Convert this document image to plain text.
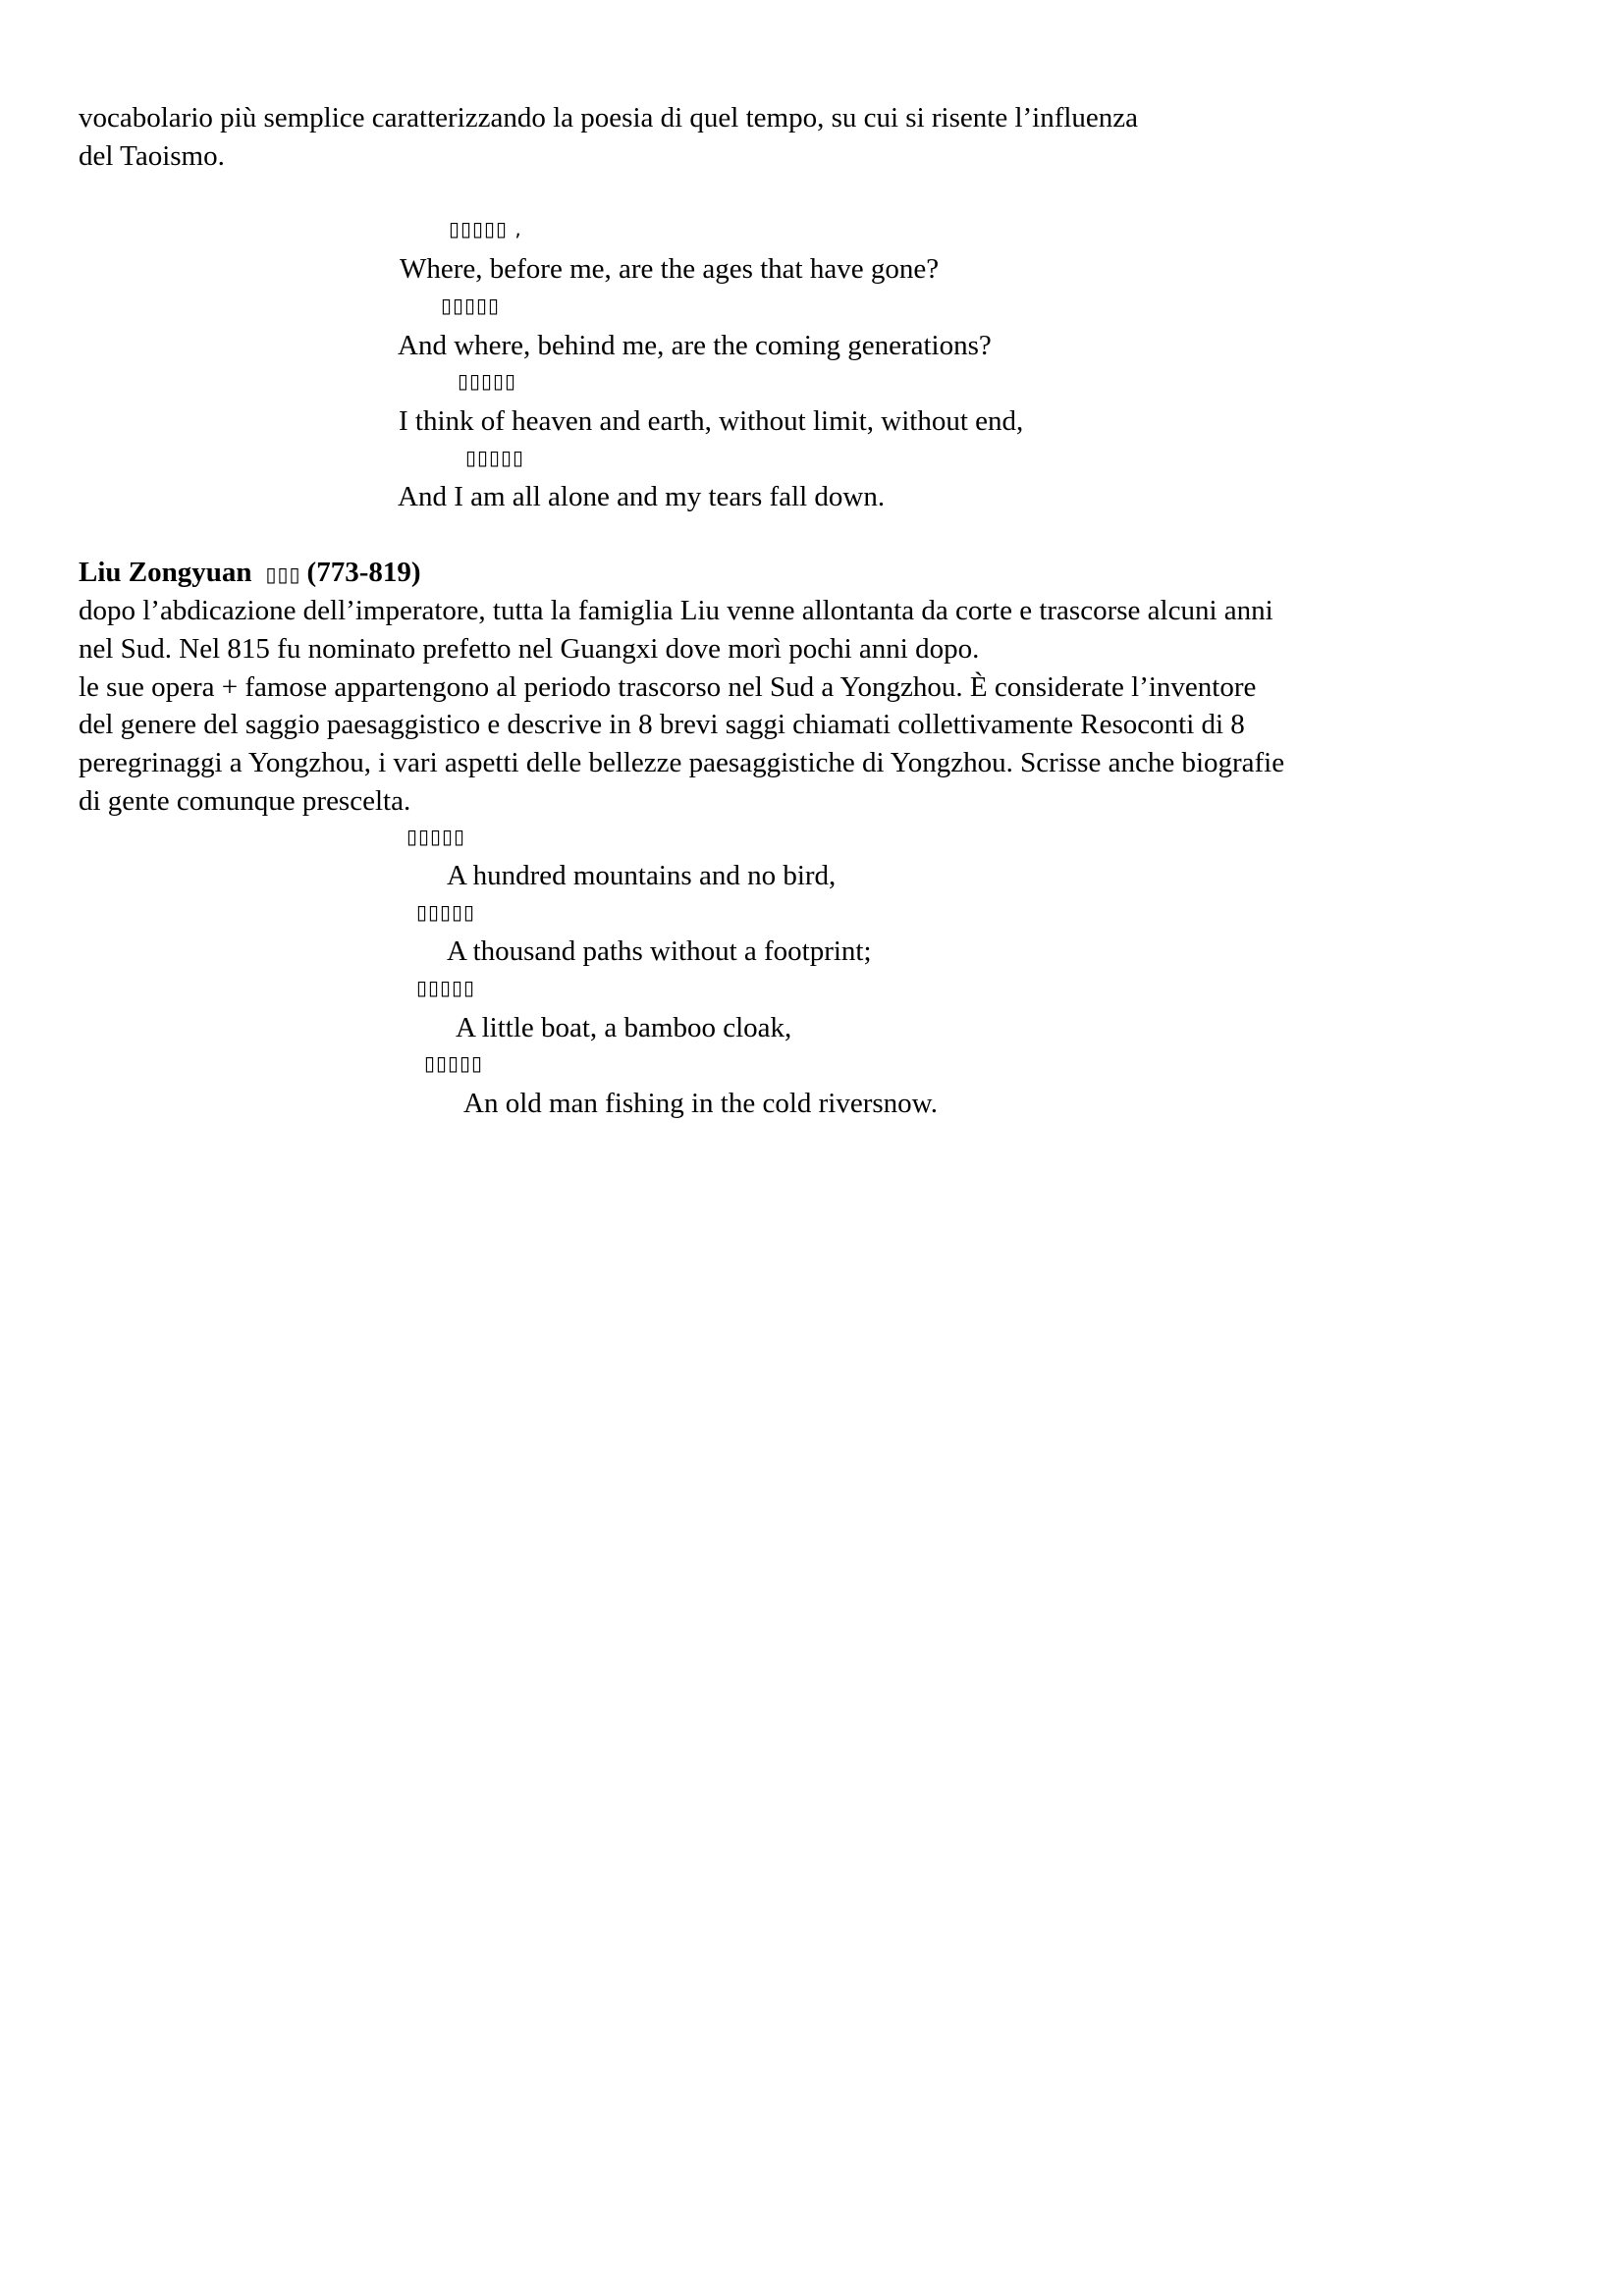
vocabolario più semplice caratterizzando la poesia di quel tempo, su cui si risente l’influenza
del Taoismo.
▯▯▯▯▯ ,
Where, before me, are the ages that have gone?
▯▯▯▯▯
And where, behind me, are the coming generations?
▯▯▯▯▯
I think of heaven and earth, without limit, without end,
▯▯▯▯▯
And I am all alone and my tears fall down.
Liu Zongyuan ▯▯▯ (773-819)
dopo l’abdicazione dell’imperatore, tutta la famiglia Liu venne allontanta da corte e trascorse alcuni anni
nel Sud. Nel 815 fu nominato prefetto nel Guangxi dove morì pochi anni dopo.
le sue opera + famose appartengono al periodo trascorso nel Sud a Yongzhou. È considerate l’inventore
del genere del saggio paesaggistico e descrive in 8 brevi saggi chiamati collettivamente Resoconti di 8
peregrinaggi a Yongzhou, i vari aspetti delle bellezze paesaggistiche di Yongzhou. Scrisse anche biografie
di gente comunque prescelta.
▯▯▯▯▯
A hundred mountains and no bird,
▯▯▯▯▯
A thousand paths without a footprint;
▯▯▯▯▯
A little boat, a bamboo cloak,
▯▯▯▯▯
An old man fishing in the cold riversnow.
